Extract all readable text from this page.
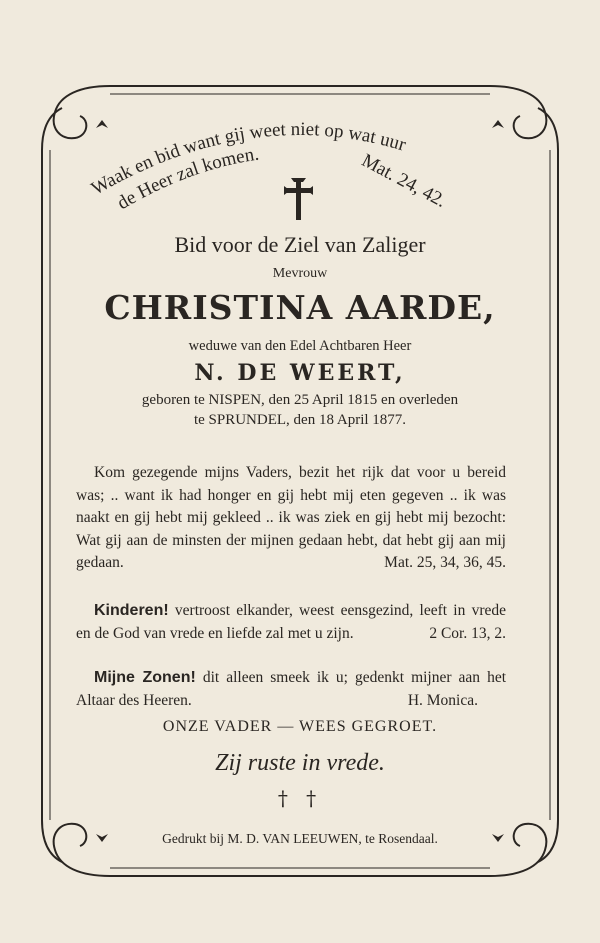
Waak en bid want gij weet niet op wat uur
de Heer zal komen.	Mat. 24, 42.
Bid voor de Ziel van Zaliger
Mevrouw
CHRISTINA AARDE,
weduwe van den Edel Achtbaren Heer
N. DE WEERT,
geboren te NISPEN, den 25 April 1815 en overleden
te SPRUNDEL, den 18 April 1877.
Kom gezegende mijns Vaders, bezit het rijk dat voor u bereid was; .. want ik had honger en gij hebt mij eten gegeven .. ik was naakt en gij hebt mij gekleed .. ik was ziek en gij hebt mij bezocht: Wat gij aan de minsten der mijnen gedaan hebt, dat hebt gij aan mij gedaan.	Mat. 25, 34, 36, 45.
Kinderen! vertroost elkander, weest eensgezind, leeft in vrede en de God van vrede en liefde zal met u zijn.	2 Cor. 13, 2.
Mijne Zonen! dit alleen smeek ik u; gedenkt mijner aan het Altaar des Heeren.	H. Monica.
ONZE VADER — WEES GEGROET.
Zij ruste in vrede.
† †
Gedrukt bij M. D. VAN LEEUWEN, te Rosendaal.
